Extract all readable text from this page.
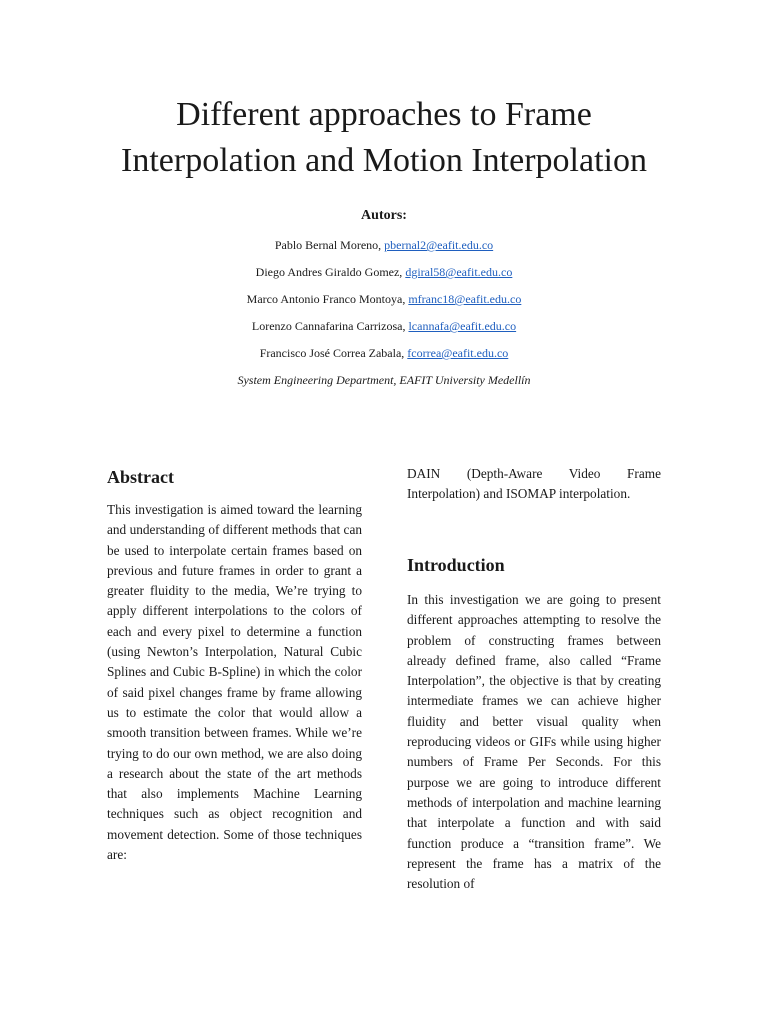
Different approaches to Frame
Interpolation and Motion Interpolation
Autors:
Pablo Bernal Moreno, pbernal2@eafit.edu.co
Diego Andres Giraldo Gomez, dgiral58@eafit.edu.co
Marco Antonio Franco Montoya, mfranc18@eafit.edu.co
Lorenzo Cannafarina Carrizosa, lcannafa@eafit.edu.co
Francisco José Correa Zabala, fcorrea@eafit.edu.co
System Engineering Department, EAFIT University Medellín
Abstract

This investigation is aimed toward the learning and understanding of different methods that can be used to interpolate certain frames based on previous and future frames in order to grant a greater fluidity to the media, We’re trying to apply different interpolations to the colors of each and every pixel to determine a function (using Newton’s Interpolation, Natural Cubic Splines and Cubic B-Spline) in which the color of said pixel changes frame by frame allowing us to estimate the color that would allow a smooth transition between frames. While we’re trying to do our own method, we are also doing a research about the state of the art methods that also implements Machine Learning techniques such as object recognition and movement detection. Some of those techniques are:

DAIN (Depth-Aware Video Frame Interpolation) and ISOMAP interpolation.

Introduction

In this investigation we are going to present different approaches attempting to resolve the problem of constructing frames between already defined frame, also called “Frame Interpolation”, the objective is that by creating intermediate frames we can achieve higher fluidity and better visual quality when reproducing videos or GIFs while using higher numbers of Frame Per Seconds. For this purpose we are going to introduce different methods of interpolation and machine learning that interpolate a function and with said function produce a “transition frame”. We represent the frame has a matrix of the resolution of
